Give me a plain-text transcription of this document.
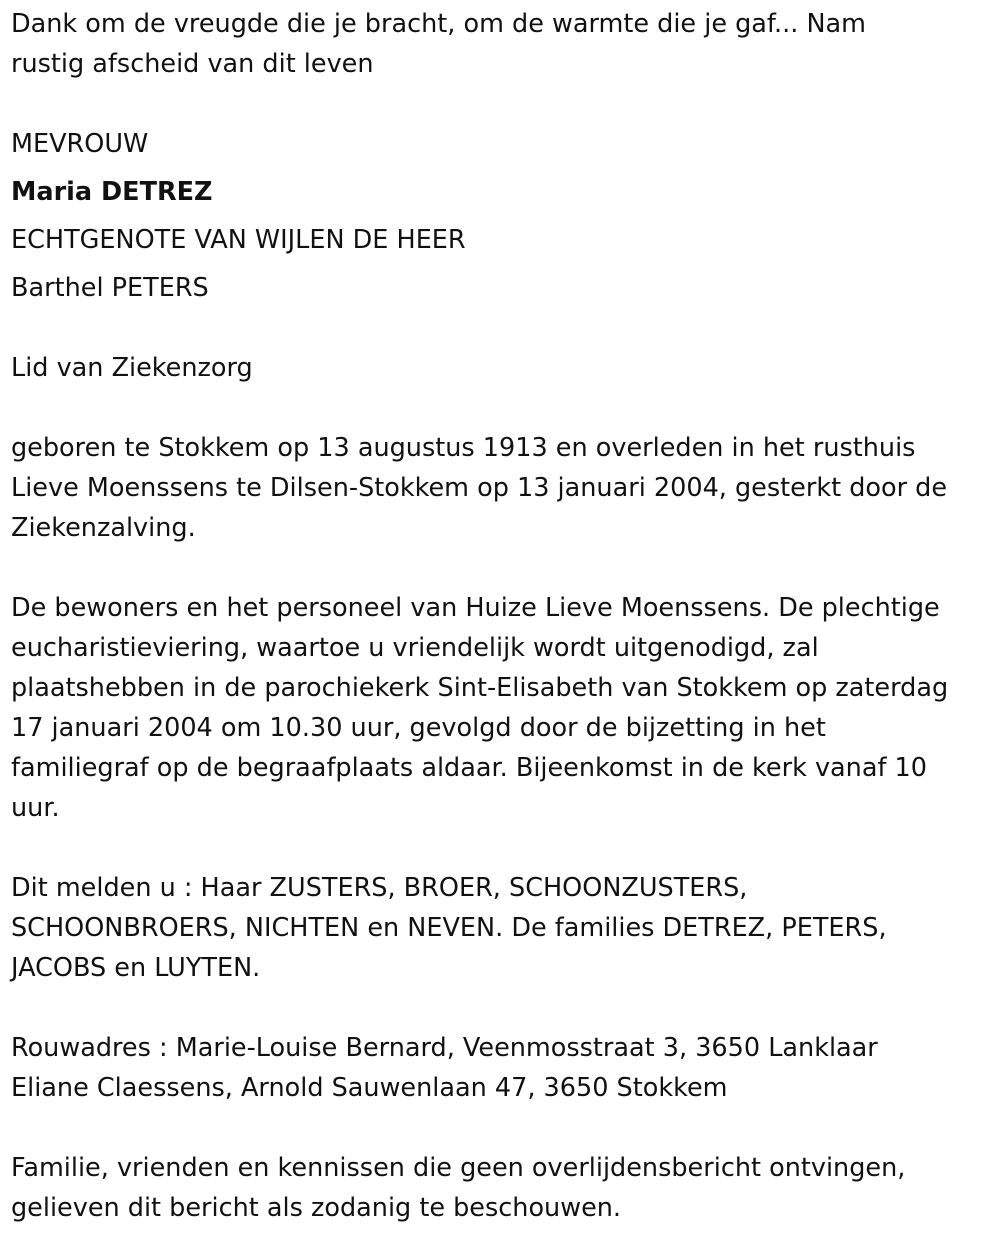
Dank om de vreugde die je bracht, om de warmte die je gaf... Nam
rustig afscheid van dit leven

MEVROUW

Maria DETREZ

ECHTGENOTE VAN WIJLEN DE HEER

Barthel PETERS

Lid van Ziekenzorg

geboren te Stokkem op 13 augustus 1913 en overleden in het rusthuis
Lieve Moenssens te Dilsen-Stokkem op 13 januari 2004, gesterkt door de
Ziekenzalving.

De bewoners en het personeel van Huize Lieve Moenssens. De plechtige
eucharistieviering, waartoe u vriendelijk wordt uitgenodigd, zal
plaatshebben in de parochiekerk Sint-Elisabeth van Stokkem op zaterdag
17 januari 2004 om 10.30 uur, gevolgd door de bijzetting in het
familiegraf op de begraafplaats aldaar. Bijeenkomst in de kerk vanaf 10
uur.

Dit melden u : Haar ZUSTERS, BROER, SCHOONZUSTERS,
SCHOONBROERS, NICHTEN en NEVEN. De families DETREZ, PETERS,
JACOBS en LUYTEN.

Rouwadres : Marie-Louise Bernard, Veenmosstraat 3, 3650 Lanklaar
Eliane Claessens, Arnold Sauwenlaan 47, 3650 Stokkem

Familie, vrienden en kennissen die geen overlijdensbericht ontvingen,
gelieven dit bericht als zodanig te beschouwen.
